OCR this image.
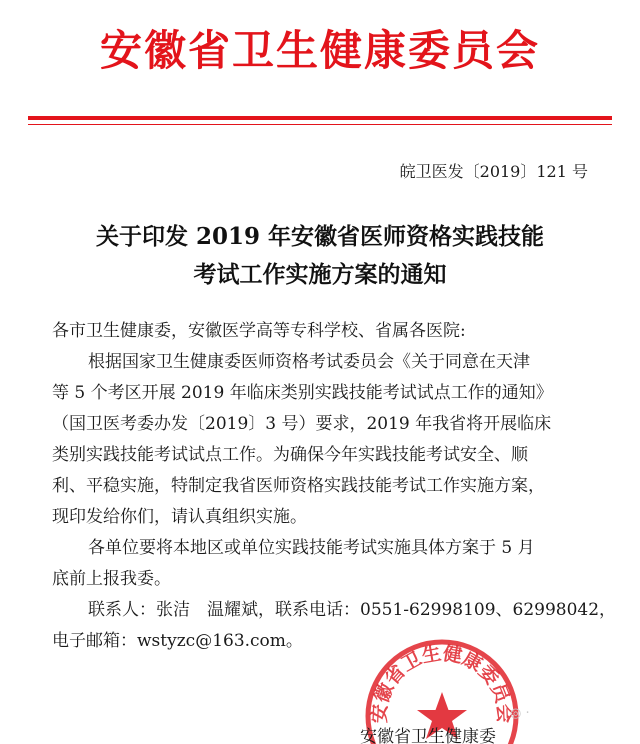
安徽省卫生健康委员会
皖卫医发〔2019〕121 号
关于印发 2019 年安徽省医师资格实践技能
考试工作实施方案的通知

各市卫生健康委，安徽医学高等专科学校、省属各医院:

根据国家卫生健康委医师资格考试委员会《关于同意在天津

等 5 个考区开展 2019 年临床类别实践技能考试试点工作的通知》

（国卫医考委办发〔2019〕3 号）要求，2019 年我省将开展临床

类别实践技能考试试点工作。为确保今年实践技能考试安全、顺

利、平稳实施，特制定我省医师资格实践技能考试工作实施方案，

现印发给你们，请认真组织实施。

各单位要将本地区或单位实践技能考试实施具体方案于 5 月

底前上报我委。

联系人：张洁　温耀斌，联系电话：0551-62998109、62998042，

电子邮箱：wstyzc@163.com。

安徽省卫生健康委员会
安徽省卫生健康委
◎ ·
